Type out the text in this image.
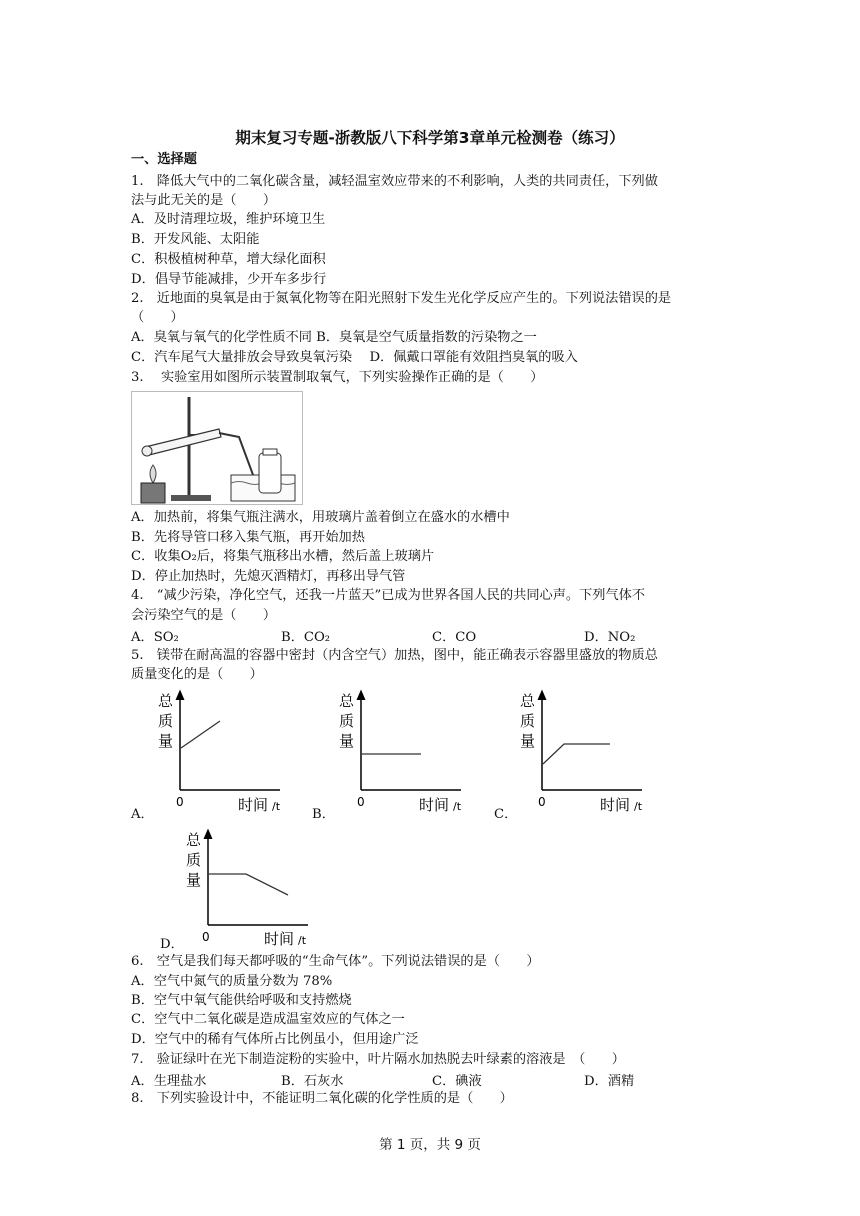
期末复习专题-浙教版八下科学第3章单元检测卷（练习）
一、选择题
1.　降低大气中的二氧化碳含量，减轻温室效应带来的不利影响，人类的共同责任，下列做
法与此无关的是（　　）
A．及时清理垃圾，维护环境卫生
B．开发风能、太阳能
C．积极植树种草，增大绿化面积
D．倡导节能减排，少开车多步行
2.　近地面的臭氧是由于氮氧化物等在阳光照射下发生光化学反应产生的。下列说法错误的是
（　　）
A．臭氧与氧气的化学性质不同 B．臭氧是空气质量指数的污染物之一
C．汽车尾气大量排放会导致臭氧污染　 D．佩戴口罩能有效阻挡臭氧的吸入
3.　 实验室用如图所示装置制取氧气，下列实验操作正确的是（　　）
A．加热前，将集气瓶注满水，用玻璃片盖着倒立在盛水的水槽中
B．先将导管口移入集气瓶，再开始加热
C．收集O₂后，将集气瓶移出水槽，然后盖上玻璃片
D．停止加热时，先熄灭酒精灯，再移出导气管
4.　“减少污染，净化空气，还我一片蓝天”已成为世界各国人民的共同心声。下列气体不
会污染空气的是（　　）
A．SO₂	B．CO₂	C．CO	D．NO₂
5.　镁带在耐高温的容器中密封（内含空气）加热，图中，能正确表示容器里盛放的物质总
质量变化的是（　　）
A．	B．	C．
D．
总
质
量
0	时间 /t
总
质
量
0	时间 /t
总
质
量
0	时间 /t
总
质
量
0	时间 /t
6.　空气是我们每天都呼吸的“生命气体”。下列说法错误的是（　　）
A．空气中氮气的质量分数为 78%
B．空气中氧气能供给呼吸和支持燃烧
C．空气中二氧化碳是造成温室效应的气体之一
D．空气中的稀有气体所占比例虽小，但用途广泛
7.　验证绿叶在光下制造淀粉的实验中，叶片隔水加热脱去叶绿素的溶液是　（　　）
A．生理盐水	B．石灰水	C．碘液	D．酒精
8.　下列实验设计中，不能证明二氧化碳的化学性质的是（　　）
第 1 页，共 9 页
